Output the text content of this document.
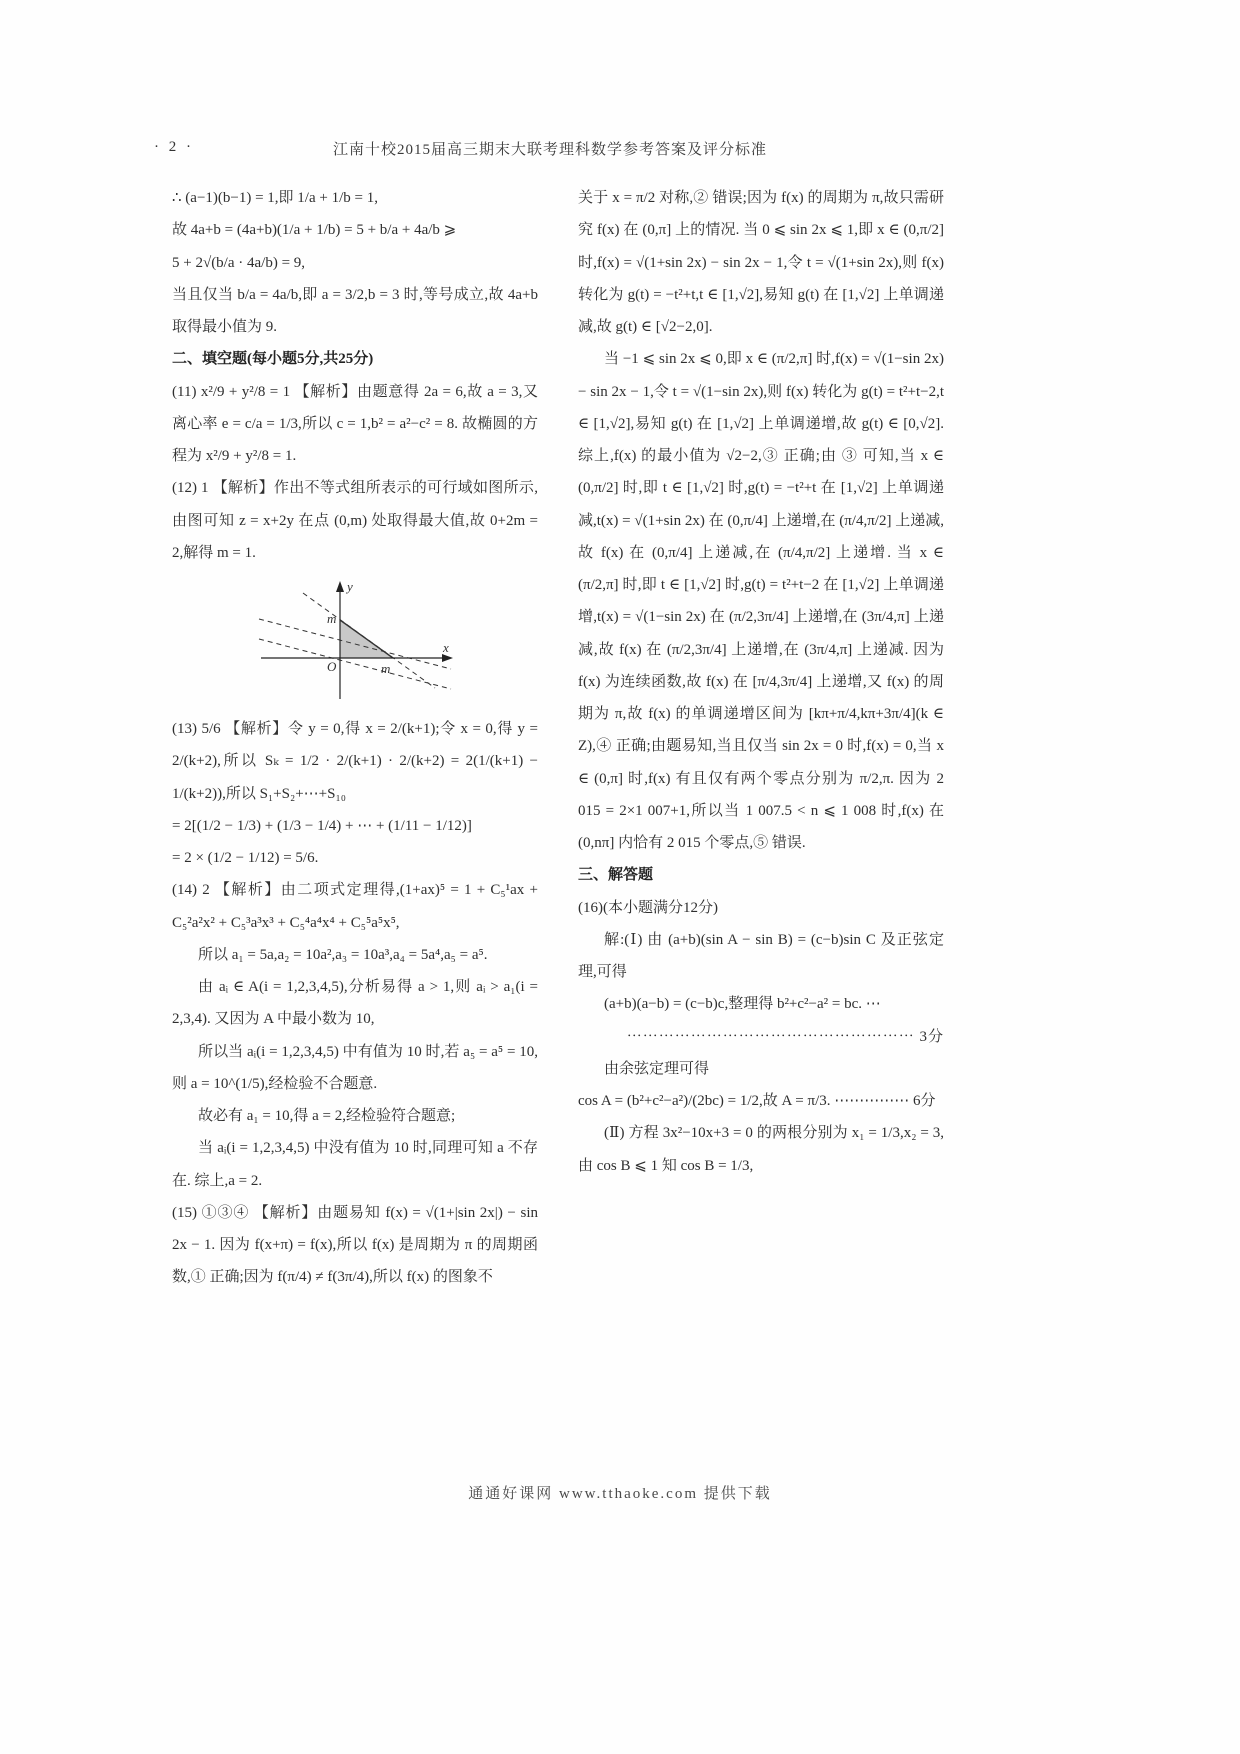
· 2 ·	江南十校2015届高三期末大联考理科数学参考答案及评分标准

∴ (a−1)(b−1) = 1,即 1/a + 1/b = 1,

故 4a+b = (4a+b)(1/a + 1/b) = 5 + b/a + 4a/b ⩾

5 + 2√(b/a · 4a/b) = 9,

当且仅当 b/a = 4a/b,即 a = 3/2,b = 3 时,等号成立,故 4a+b 取得最小值为 9.

二、填空题(每小题5分,共25分)

(11) x²/9 + y²/8 = 1 【解析】由题意得 2a = 6,故 a = 3,又离心率 e = c/a = 1/3,所以 c = 1,b² = a²−c² = 8. 故椭圆的方程为 x²/9 + y²/8 = 1.

(12) 1 【解析】作出不等式组所表示的可行域如图所示,由图可知 z = x+2y 在点 (0,m) 处取得最大值,故 0+2m = 2,解得 m = 1.

y
x
O
m
m

(13) 5/6 【解析】令 y = 0,得 x = 2/(k+1);令 x = 0,得 y = 2/(k+2),所以 Sₖ = 1/2 · 2/(k+1) · 2/(k+2) = 2(1/(k+1) − 1/(k+2)),所以 S₁+S₂+⋯+S₁₀

= 2[(1/2 − 1/3) + (1/3 − 1/4) + ⋯ + (1/11 − 1/12)]

= 2 × (1/2 − 1/12) = 5/6.

(14) 2 【解析】由二项式定理得,(1+ax)⁵ = 1 + C₅¹ax + C₅²a²x² + C₅³a³x³ + C₅⁴a⁴x⁴ + C₅⁵a⁵x⁵,

所以 a₁ = 5a,a₂ = 10a²,a₃ = 10a³,a₄ = 5a⁴,a₅ = a⁵.

由 aᵢ ∈ A(i = 1,2,3,4,5),分析易得 a > 1,则 aᵢ > a₁(i = 2,3,4). 又因为 A 中最小数为 10,

所以当 aᵢ(i = 1,2,3,4,5) 中有值为 10 时,若 a₅ = a⁵ = 10,则 a = 10^(1/5),经检验不合题意.

故必有 a₁ = 10,得 a = 2,经检验符合题意;

当 aᵢ(i = 1,2,3,4,5) 中没有值为 10 时,同理可知 a 不存在. 综上,a = 2.

(15) ①③④ 【解析】由题易知 f(x) = √(1+|sin 2x|) − sin 2x − 1. 因为 f(x+π) = f(x),所以 f(x) 是周期为 π 的周期函数,① 正确;因为 f(π/4) ≠ f(3π/4),所以 f(x) 的图象不

关于 x = π/2 对称,② 错误;因为 f(x) 的周期为 π,故只需研究 f(x) 在 (0,π] 上的情况. 当 0 ⩽ sin 2x ⩽ 1,即 x ∈ (0,π/2] 时,f(x) = √(1+sin 2x) − sin 2x − 1,令 t = √(1+sin 2x),则 f(x) 转化为 g(t) = −t²+t,t ∈ [1,√2],易知 g(t) 在 [1,√2] 上单调递减,故 g(t) ∈ [√2−2,0].

当 −1 ⩽ sin 2x ⩽ 0,即 x ∈ (π/2,π] 时,f(x) = √(1−sin 2x) − sin 2x − 1,令 t = √(1−sin 2x),则 f(x) 转化为 g(t) = t²+t−2,t ∈ [1,√2],易知 g(t) 在 [1,√2] 上单调递增,故 g(t) ∈ [0,√2]. 综上,f(x) 的最小值为 √2−2,③ 正确;由 ③ 可知,当 x ∈ (0,π/2] 时,即 t ∈ [1,√2] 时,g(t) = −t²+t 在 [1,√2] 上单调递减,t(x) = √(1+sin 2x) 在 (0,π/4] 上递增,在 (π/4,π/2] 上递减,故 f(x) 在 (0,π/4] 上递减,在 (π/4,π/2] 上递增. 当 x ∈ (π/2,π] 时,即 t ∈ [1,√2] 时,g(t) = t²+t−2 在 [1,√2] 上单调递增,t(x) = √(1−sin 2x) 在 (π/2,3π/4] 上递增,在 (3π/4,π] 上递减,故 f(x) 在 (π/2,3π/4] 上递增,在 (3π/4,π] 上递减. 因为 f(x) 为连续函数,故 f(x) 在 [π/4,3π/4] 上递增,又 f(x) 的周期为 π,故 f(x) 的单调递增区间为 [kπ+π/4,kπ+3π/4](k ∈ Z),④ 正确;由题易知,当且仅当 sin 2x = 0 时,f(x) = 0,当 x ∈ (0,π] 时,f(x) 有且仅有两个零点分别为 π/2,π. 因为 2 015 = 2×1 007+1,所以当 1 007.5 < n ⩽ 1 008 时,f(x) 在 (0,nπ] 内恰有 2 015 个零点,⑤ 错误.

三、解答题

(16)(本小题满分12分)

解:(Ⅰ) 由 (a+b)(sin A − sin B) = (c−b)sin C 及正弦定理,可得

(a+b)(a−b) = (c−b)c,整理得 b²+c²−a² = bc. ⋯

⋯⋯⋯⋯⋯⋯⋯⋯⋯⋯⋯⋯⋯⋯⋯⋯⋯⋯ 3分

由余弦定理可得

cos A = (b²+c²−a²)/(2bc) = 1/2,故 A = π/3. ⋯⋯⋯⋯⋯ 6分

(Ⅱ) 方程 3x²−10x+3 = 0 的两根分别为 x₁ = 1/3,x₂ = 3,由 cos B ⩽ 1 知 cos B = 1/3,

通通好课网 www.tthaoke.com 提供下载
